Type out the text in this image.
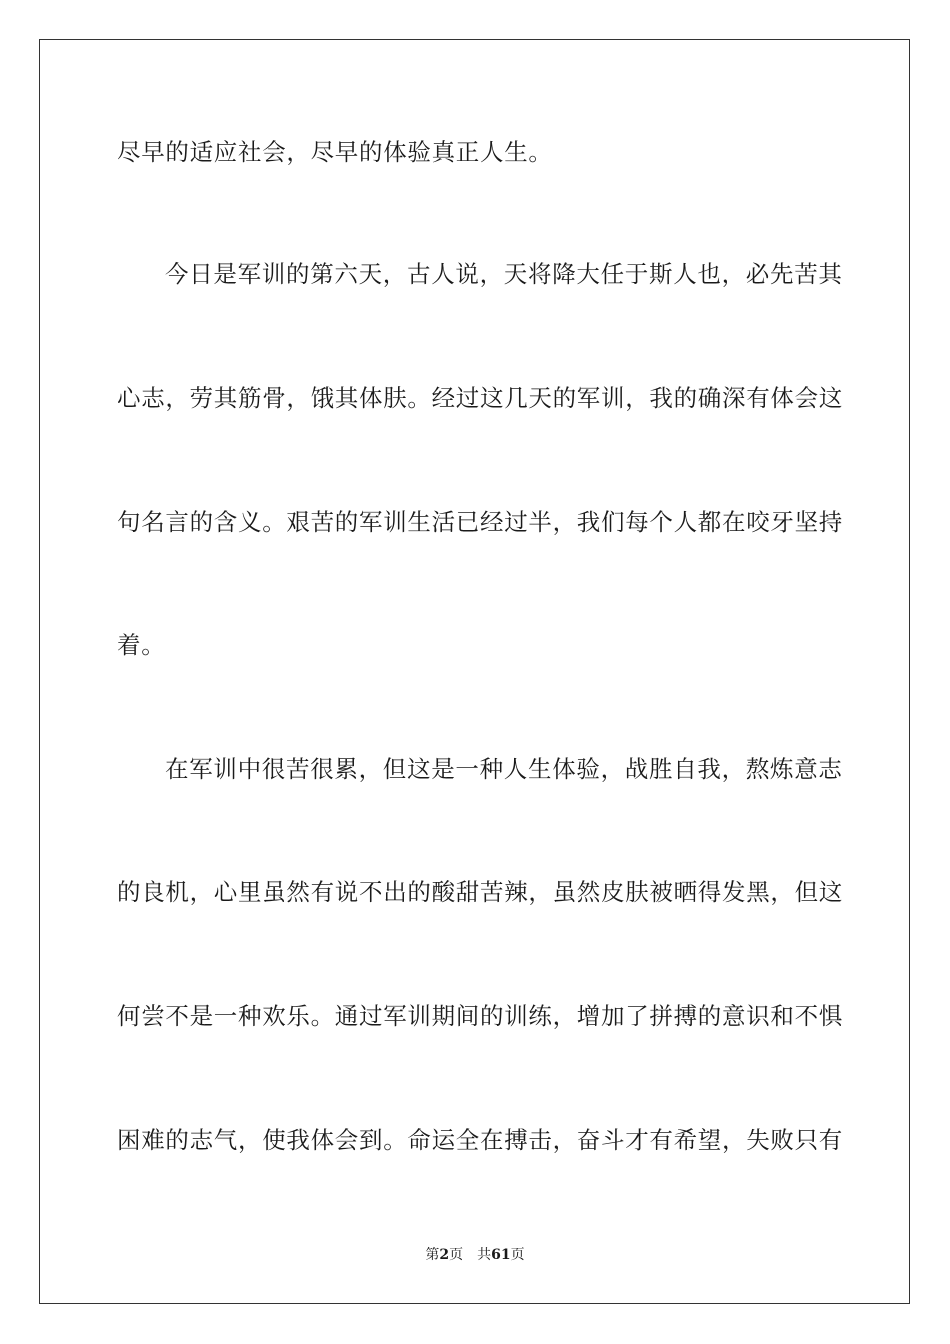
尽早的适应社会，尽早的体验真正人生。
今日是军训的第六天，古人说，天将降大任于斯人也，必先苦其
心志，劳其筋骨，饿其体肤。经过这几天的军训，我的确深有体会这
句名言的含义。艰苦的军训生活已经过半，我们每个人都在咬牙坚持
着。
在军训中很苦很累，但这是一种人生体验，战胜自我，熬炼意志
的良机，心里虽然有说不出的酸甜苦辣，虽然皮肤被晒得发黑，但这
何尝不是一种欢乐。通过军训期间的训练，增加了拼搏的意识和不惧
困难的志气，使我体会到。命运全在搏击，奋斗才有希望，失败只有
第2页 共61页
